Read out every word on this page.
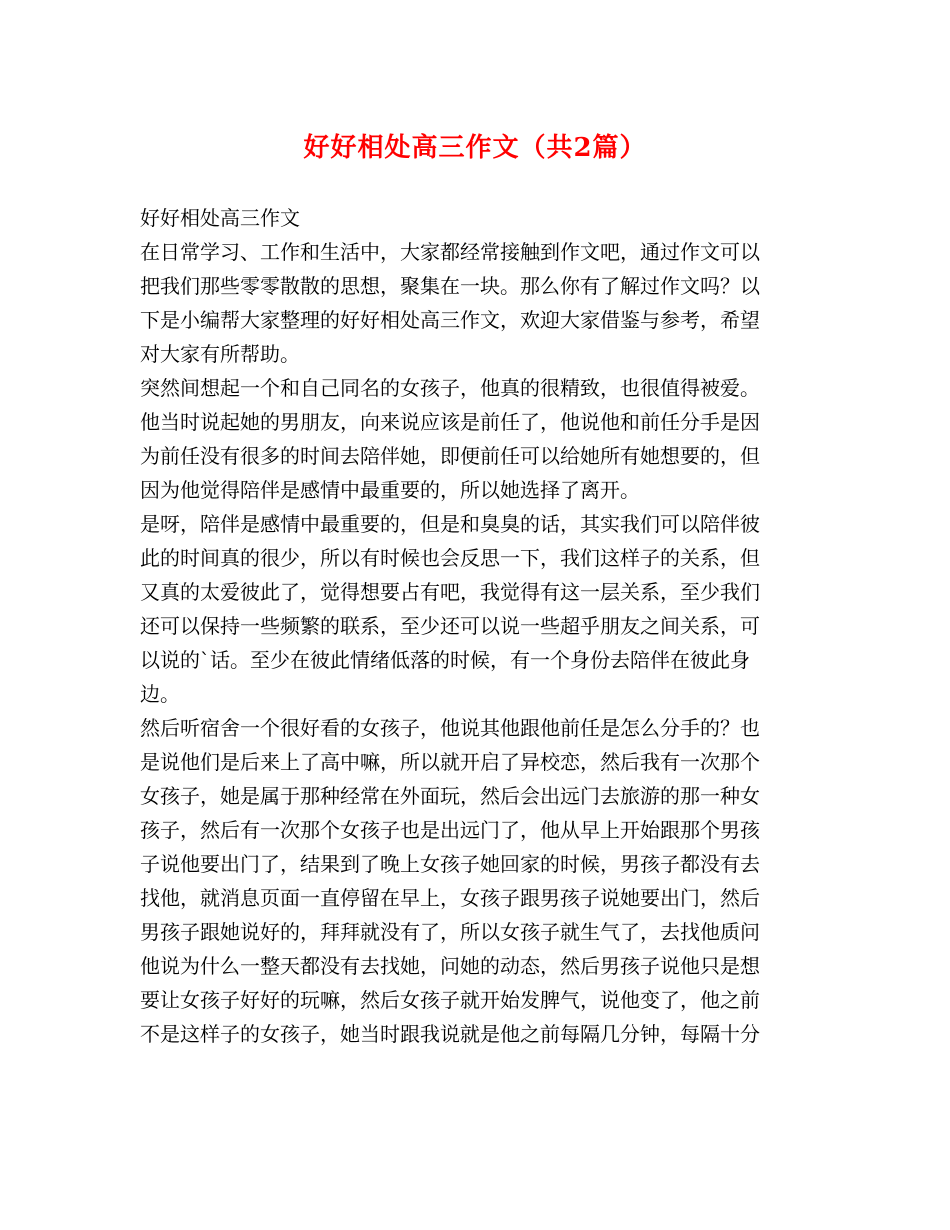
好好相处高三作文（共2篇）
好好相处高三作文
在日常学习、工作和生活中，大家都经常接触到作文吧，通过作文可以
把我们那些零零散散的思想，聚集在一块。那么你有了解过作文吗？以
下是小编帮大家整理的好好相处高三作文，欢迎大家借鉴与参考，希望
对大家有所帮助。
突然间想起一个和自己同名的女孩子，他真的很精致，也很值得被爱。
他当时说起她的男朋友，向来说应该是前任了，他说他和前任分手是因
为前任没有很多的时间去陪伴她，即便前任可以给她所有她想要的，但
因为他觉得陪伴是感情中最重要的，所以她选择了离开。
是呀，陪伴是感情中最重要的，但是和臭臭的话，其实我们可以陪伴彼
此的时间真的很少，所以有时候也会反思一下，我们这样子的关系，但
又真的太爱彼此了，觉得想要占有吧，我觉得有这一层关系，至少我们
还可以保持一些频繁的联系，至少还可以说一些超乎朋友之间关系，可
以说的`话。至少在彼此情绪低落的时候，有一个身份去陪伴在彼此身
边。
然后听宿舍一个很好看的女孩子，他说其他跟他前任是怎么分手的？也
是说他们是后来上了高中嘛，所以就开启了异校恋，然后我有一次那个
女孩子，她是属于那种经常在外面玩，然后会出远门去旅游的那一种女
孩子，然后有一次那个女孩子也是出远门了，他从早上开始跟那个男孩
子说他要出门了，结果到了晚上女孩子她回家的时候，男孩子都没有去
找他，就消息页面一直停留在早上，女孩子跟男孩子说她要出门，然后
男孩子跟她说好的，拜拜就没有了，所以女孩子就生气了，去找他质问
他说为什么一整天都没有去找她，问她的动态，然后男孩子说他只是想
要让女孩子好好的玩嘛，然后女孩子就开始发脾气，说他变了，他之前
不是这样子的女孩子，她当时跟我说就是他之前每隔几分钟，每隔十分
